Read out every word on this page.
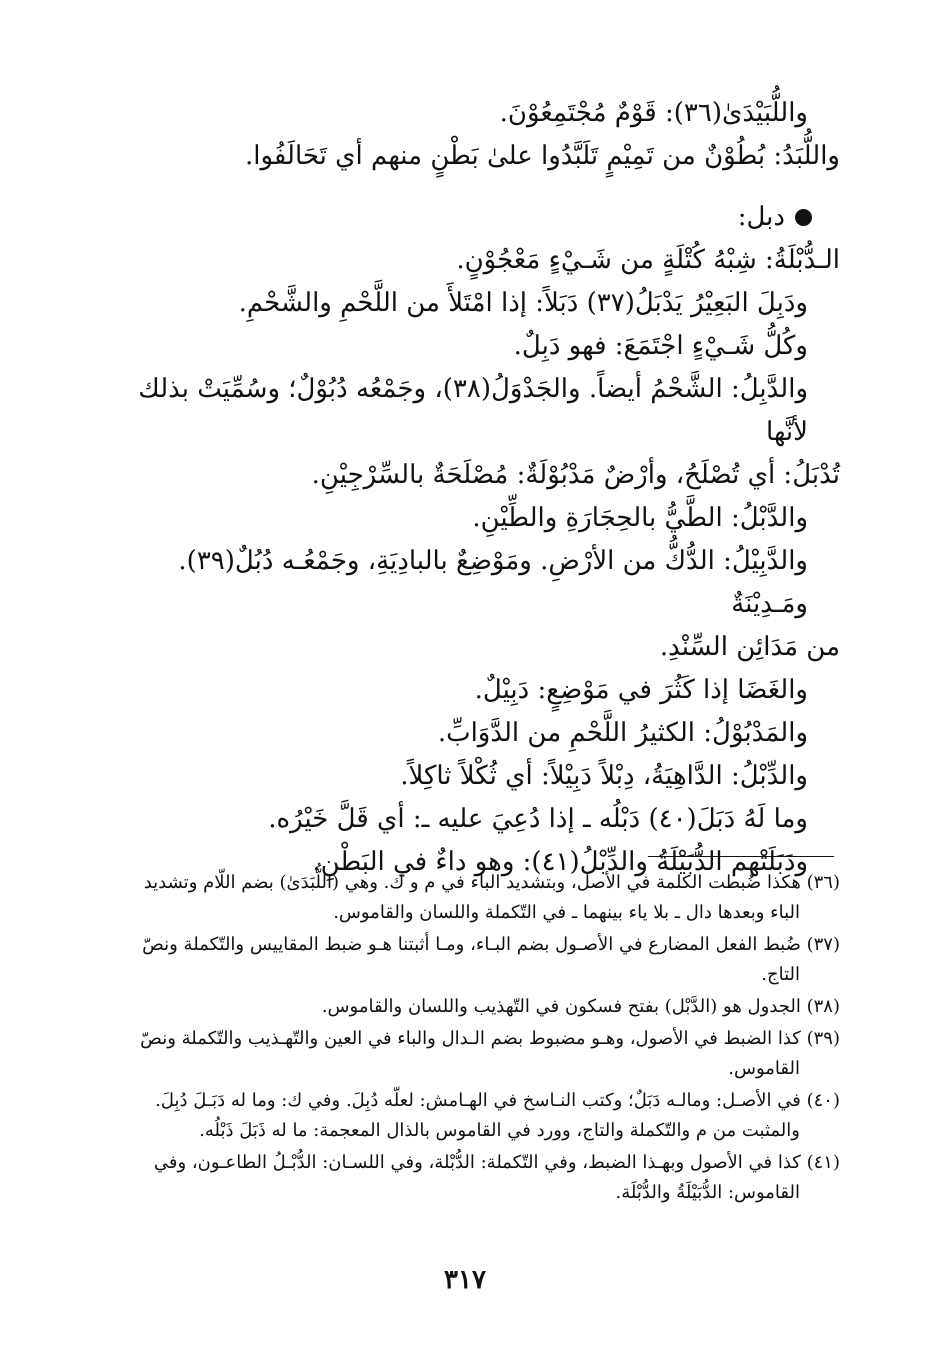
واللُّبَيْدَىٰ(٣٦): قَوْمٌ مُجْتَمِعُوْنَ.

واللُّبَدُ: بُطُوْنٌ من تَمِيْمٍ تَلَبَّدُوا علىٰ بَطْنٍ منهم أي تَحَالَفُوا.

دبل:

الـدُّبْلَةُ: شِبْهُ كُتْلَةٍ من شَـيْءٍ مَعْجُوْنٍ.

ودَبِلَ البَعِيْرُ يَدْبَلُ(٣٧) دَبَلاً: إذا امْتَلأَ من اللَّحْمِ والشَّحْمِ.

وكُلُّ شَـيْءٍ اجْتَمَعَ: فهو دَبِلٌ.

والدَّبِلُ: الشَّحْمُ أيضاً. والجَدْوَلُ(٣٨)، وجَمْعُه دُبُوْلٌ؛ وسُمِّيَتْ بذلك لأنَّها

تُدْبَلُ: أي تُصْلَحُ، وأرْضٌ مَدْبُوْلَةٌ: مُصْلَحَةٌ بالسِّرْجِيْنِ.

والدَّبْلُ: الطَّيُّ بالحِجَارَةِ والطِّيْنِ.

والدَّبِيْلُ: الدُّكُّ من الأرْضِ. ومَوْضِعٌ بالبادِيَةِ، وجَمْعُـه دُبُلٌ(٣٩). ومَـدِيْنَةٌ

من مَدَائِن السِّنْدِ.

والغَضَا إذا كَثُرَ في مَوْضِعٍ: دَبِيْلٌ.

والمَدْبُوْلُ: الكثيرُ اللَّحْمِ من الدَّوَابِّ.

والدِّبْلُ: الدَّاهِيَةُ، دِبْلاً دَبِيْلاً: أي ثُكْلاً ثاكِلاً.

وما لَهُ دَبَلَ(٤٠) دَبْلُه ـ إذا دُعِيَ عليه ـ: أي قَلَّ خَيْرُه.

ودَبَلَتْهم الدُّبَيْلَةُ والدِّبْلُ(٤١): وهو داءٌ في البَطْنِ.

(٣٦) هكذا ضُبطت الكلمة في الأصل، وبتشديد الباء في م و ك. وهي (اللُّبَدَىٰ) بضم اللّام وتشديد
الباء وبعدها دال ـ بلا ياء بينهما ـ في التّكملة واللسان والقاموس.
(٣٧) ضُبط الفعل المضارع في الأصـول بضم البـاء، ومـا أثبتنا هـو ضبط المقاييس والتّكملة ونصّ
التاج.
(٣٨) الجدول هو (الدَّبْل) بفتح فسكون في التّهذيب واللسان والقاموس.
(٣٩) كذا الضبط في الأصول، وهـو مضبوط بضم الـدال والباء في العين والتّهـذيب والتّكملة ونصّ
القاموس.
(٤٠) في الأصـل: ومالـه دَبَلٌ؛ وكتب النـاسخ في الهـامش: لعلّه دُبِلَ. وفي ك: وما له دَبَـلَ دُبِلَ.
والمثبت من م والتّكملة والتاج، وورد في القاموس بالذال المعجمة: ما له ذَبَلَ ذَبْلُه.
(٤١) كذا في الأصول وبهـذا الضبط، وفي التّكملة: الدُّبْلة، وفي اللسـان: الدُّبْـلُ الطاعـون، وفي
القاموس: الدُّبَيْلَةُ والدُّبْلَة.
٣١٧
